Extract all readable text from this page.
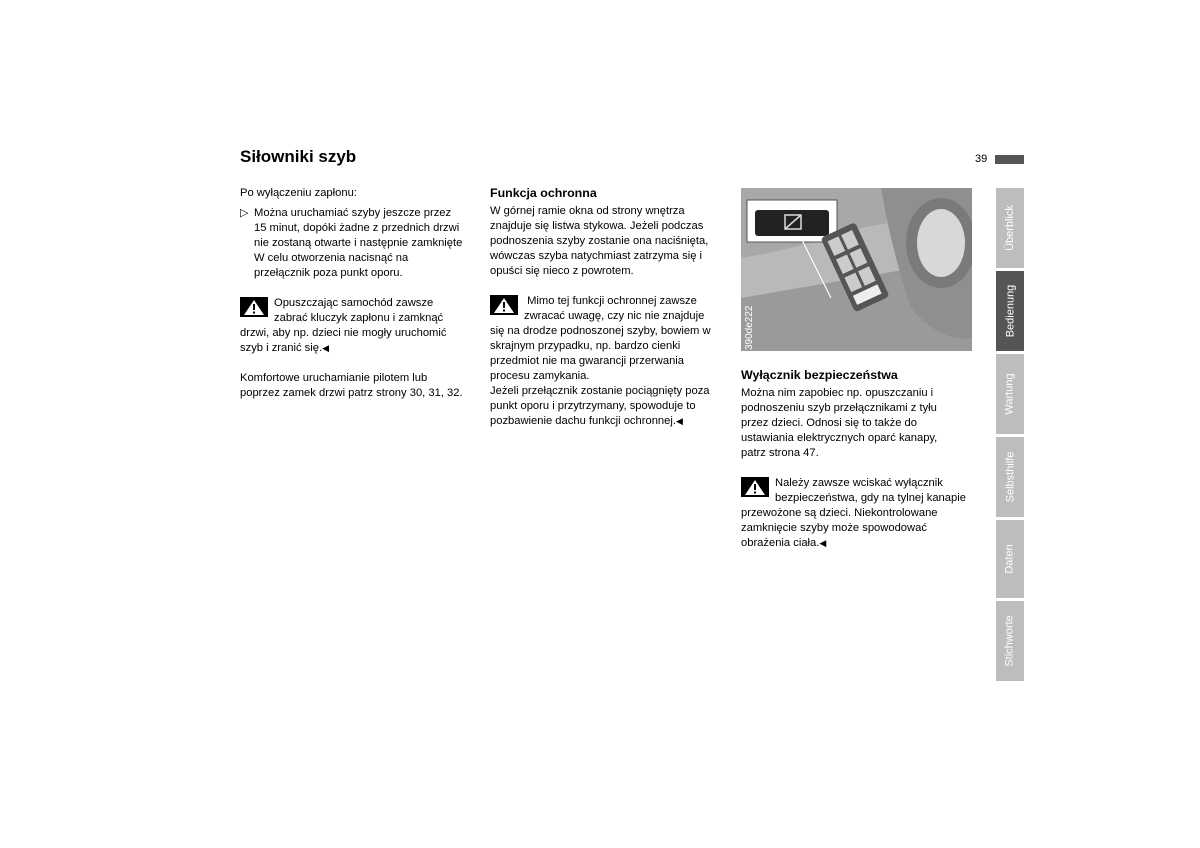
Siłowniki szyb	39

Po wyłączeniu zapłonu:

▷ Można uruchamiać szyby jeszcze przez

15 minut, dopóki żadne z przednich drzwi

nie zostaną otwarte i następnie zamknięte

W celu otworzenia nacisnąć na

przełącznik poza punkt oporu.

Opuszczając samochód zawsze

zabrać kluczyk zapłonu i zamknąć

drzwi, aby np. dzieci nie mogły uruchomić

szyb i zranić się.◀

Komfortowe uruchamianie pilotem lub

poprzez zamek drzwi patrz strony 30, 31, 32.

Funkcja ochronna

W górnej ramie okna od strony wnętrza

znajduje się listwa stykowa. Jeżeli podczas

podnoszenia szyby zostanie ona naciśnięta,

wówczas szyba natychmiast zatrzyma się i

opuści się nieco z powrotem.

Mimo tej funkcji ochronnej zawsze

zwracać uwagę, czy nic nie znajduje

się na drodze podnoszonej szyby, bowiem w

skrajnym przypadku, np. bardzo cienki

przedmiot nie ma gwarancji przerwania

procesu zamykania.

Jeżeli przełącznik zostanie pociągnięty poza

punkt oporu i przytrzymany, spowoduje to

pozbawienie dachu funkcji ochronnej.◀

390de222

Wyłącznik bezpieczeństwa

Można nim zapobiec np. opuszczaniu i

podnoszeniu szyb przełącznikami z tyłu

przez dzieci. Odnosi się to także do

ustawiania elektrycznych oparć kanapy,

patrz strona 47.

Należy zawsze wciskać wyłącznik

bezpieczeństwa, gdy na tylnej kanapie

przewożone są dzieci. Niekontrolowane

zamknięcie szyby może spowodować

obrażenia ciała.◀

Überblick
Bedienung
Wartung
Selbsthilfe
Daten
Stichworte
